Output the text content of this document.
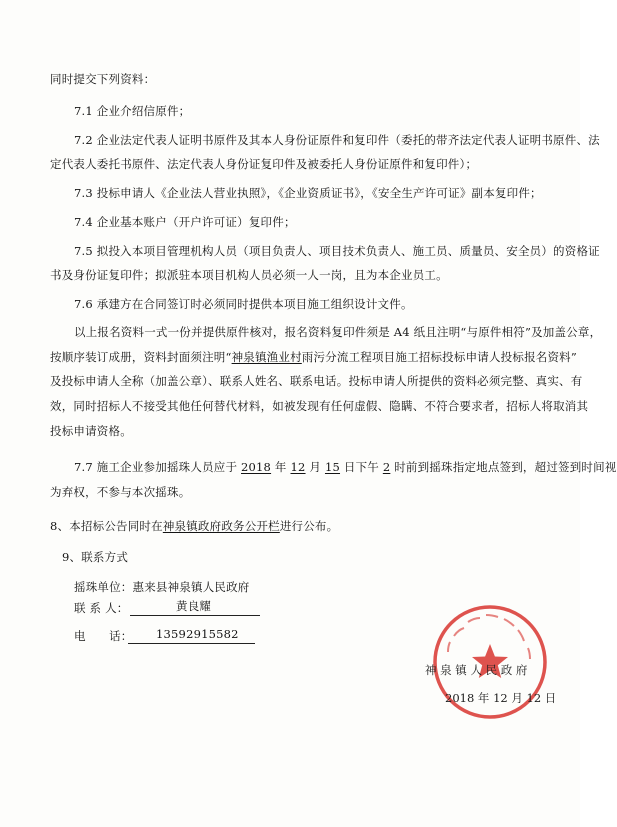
同时提交下列资料：
7.1 企业介绍信原件；
7.2 企业法定代表人证明书原件及其本人身份证原件和复印件（委托的带齐法定代表人证明书原件、法
定代表人委托书原件、法定代表人身份证复印件及被委托人身份证原件和复印件）；
7.3 投标申请人《企业法人营业执照》，《企业资质证书》，《安全生产许可证》副本复印件；
7.4 企业基本账户（开户许可证）复印件；
7.5 拟投入本项目管理机构人员（项目负责人、项目技术负责人、施工员、质量员、安全员）的资格证
书及身份证复印件；拟派驻本项目机构人员必须一人一岗，且为本企业员工。
7.6 承建方在合同签订时必须同时提供本项目施工组织设计文件。
以上报名资料一式一份并提供原件核对，报名资料复印件须是 A4 纸且注明“与原件相符”及加盖公章，
按顺序装订成册，资料封面须注明“神泉镇渔业村雨污分流工程项目施工招标投标申请人投标报名资料”
及投标申请人全称（加盖公章）、联系人姓名、联系电话。投标申请人所提供的资料必须完整、真实、有
效，同时招标人不接受其他任何替代材料，如被发现有任何虚假、隐瞒、不符合要求者，招标人将取消其
投标申请资格。
7.7 施工企业参加摇珠人员应于 2018 年 12 月 15 日下午 2 时前到摇珠指定地点签到，超过签到时间视
为弃权，不参与本次摇珠。
8、本招标公告同时在神泉镇政府政务公开栏进行公布。
9、联系方式
摇珠单位：惠来县神泉镇人民政府
联 系 人：	黄良耀
电　　话： 13592915582
神 泉 镇 人 民 政 府
2018 年 12 月 12 日
